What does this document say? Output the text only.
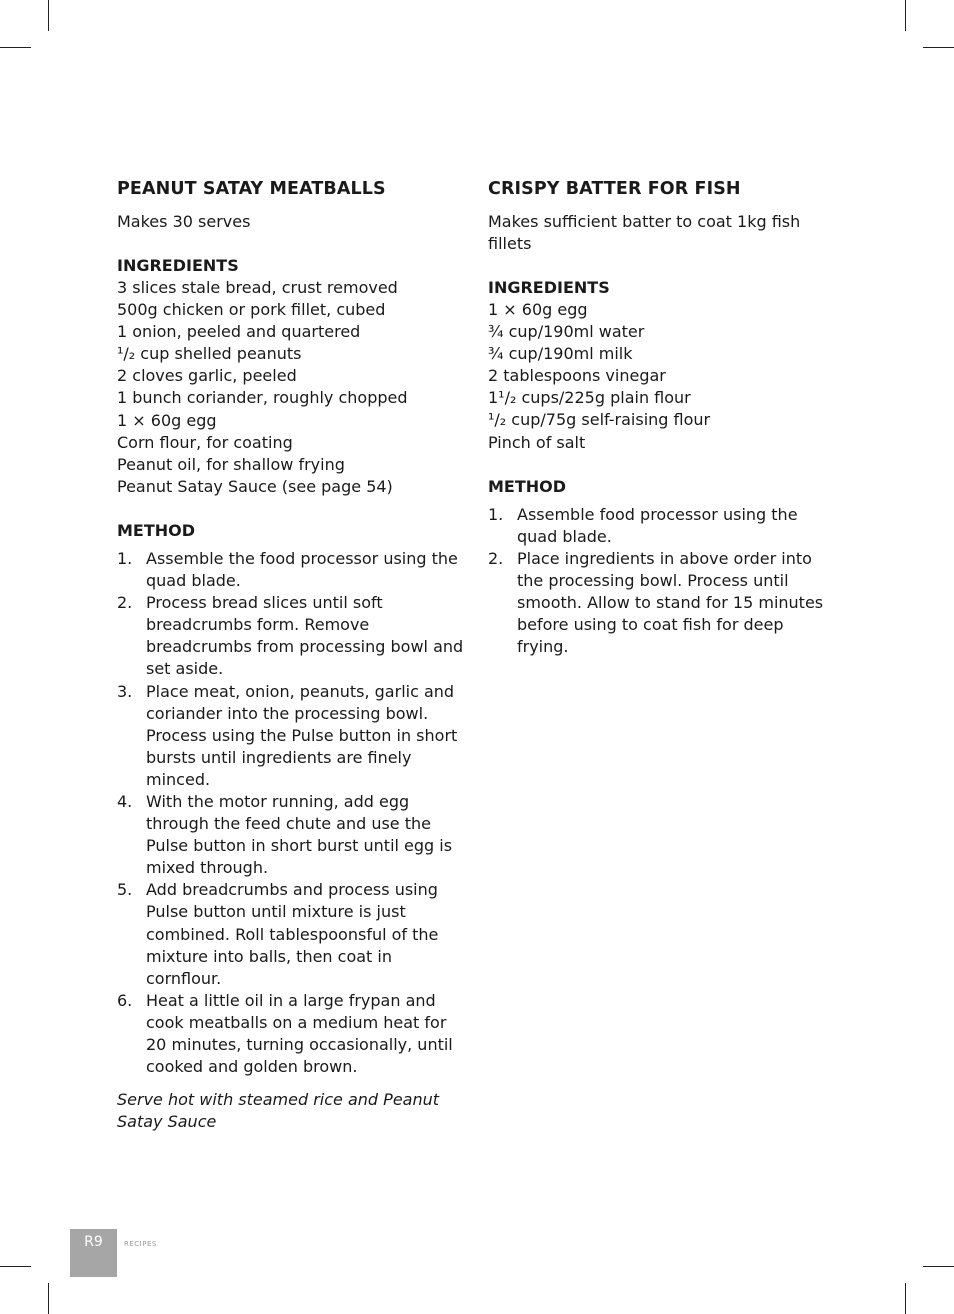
PEANUT SATAY MEATBALLS

Makes 30 serves

INGREDIENTS
3 slices stale bread, crust removed
500g chicken or pork fillet, cubed
1 onion, peeled and quartered
¹/₂ cup shelled peanuts
2 cloves garlic, peeled
1 bunch coriander, roughly chopped
1 × 60g egg
Corn flour, for coating
Peanut oil, for shallow frying
Peanut Satay Sauce (see page 54)
METHOD
1. Assemble the food processor using the quad blade.
2. Process bread slices until soft breadcrumbs form. Remove breadcrumbs from processing bowl and set aside.
3. Place meat, onion, peanuts, garlic and coriander into the processing bowl. Process using the Pulse button in short bursts until ingredients are finely minced.
4. With the motor running, add egg through the feed chute and use the Pulse button in short burst until egg is mixed through.
5. Add breadcrumbs and process using Pulse button until mixture is just combined. Roll tablespoonsful of the mixture into balls, then coat in cornflour.
6. Heat a little oil in a large frypan and cook meatballs on a medium heat for 20 minutes, turning occasionally, until cooked and golden brown.

Serve hot with steamed rice and Peanut Satay Sauce

CRISPY BATTER FOR FISH

Makes sufficient batter to coat 1kg fish fillets

INGREDIENTS
1 × 60g egg
¾ cup/190ml water
¾ cup/190ml milk
2 tablespoons vinegar
1¹/₂ cups/225g plain flour
¹/₂ cup/75g self-raising flour
Pinch of salt
METHOD
1. Assemble food processor using the quad blade.
2. Place ingredients in above order into the processing bowl. Process until smooth. Allow to stand for 15 minutes before using to coat fish for deep frying.
R9	RECIPES
